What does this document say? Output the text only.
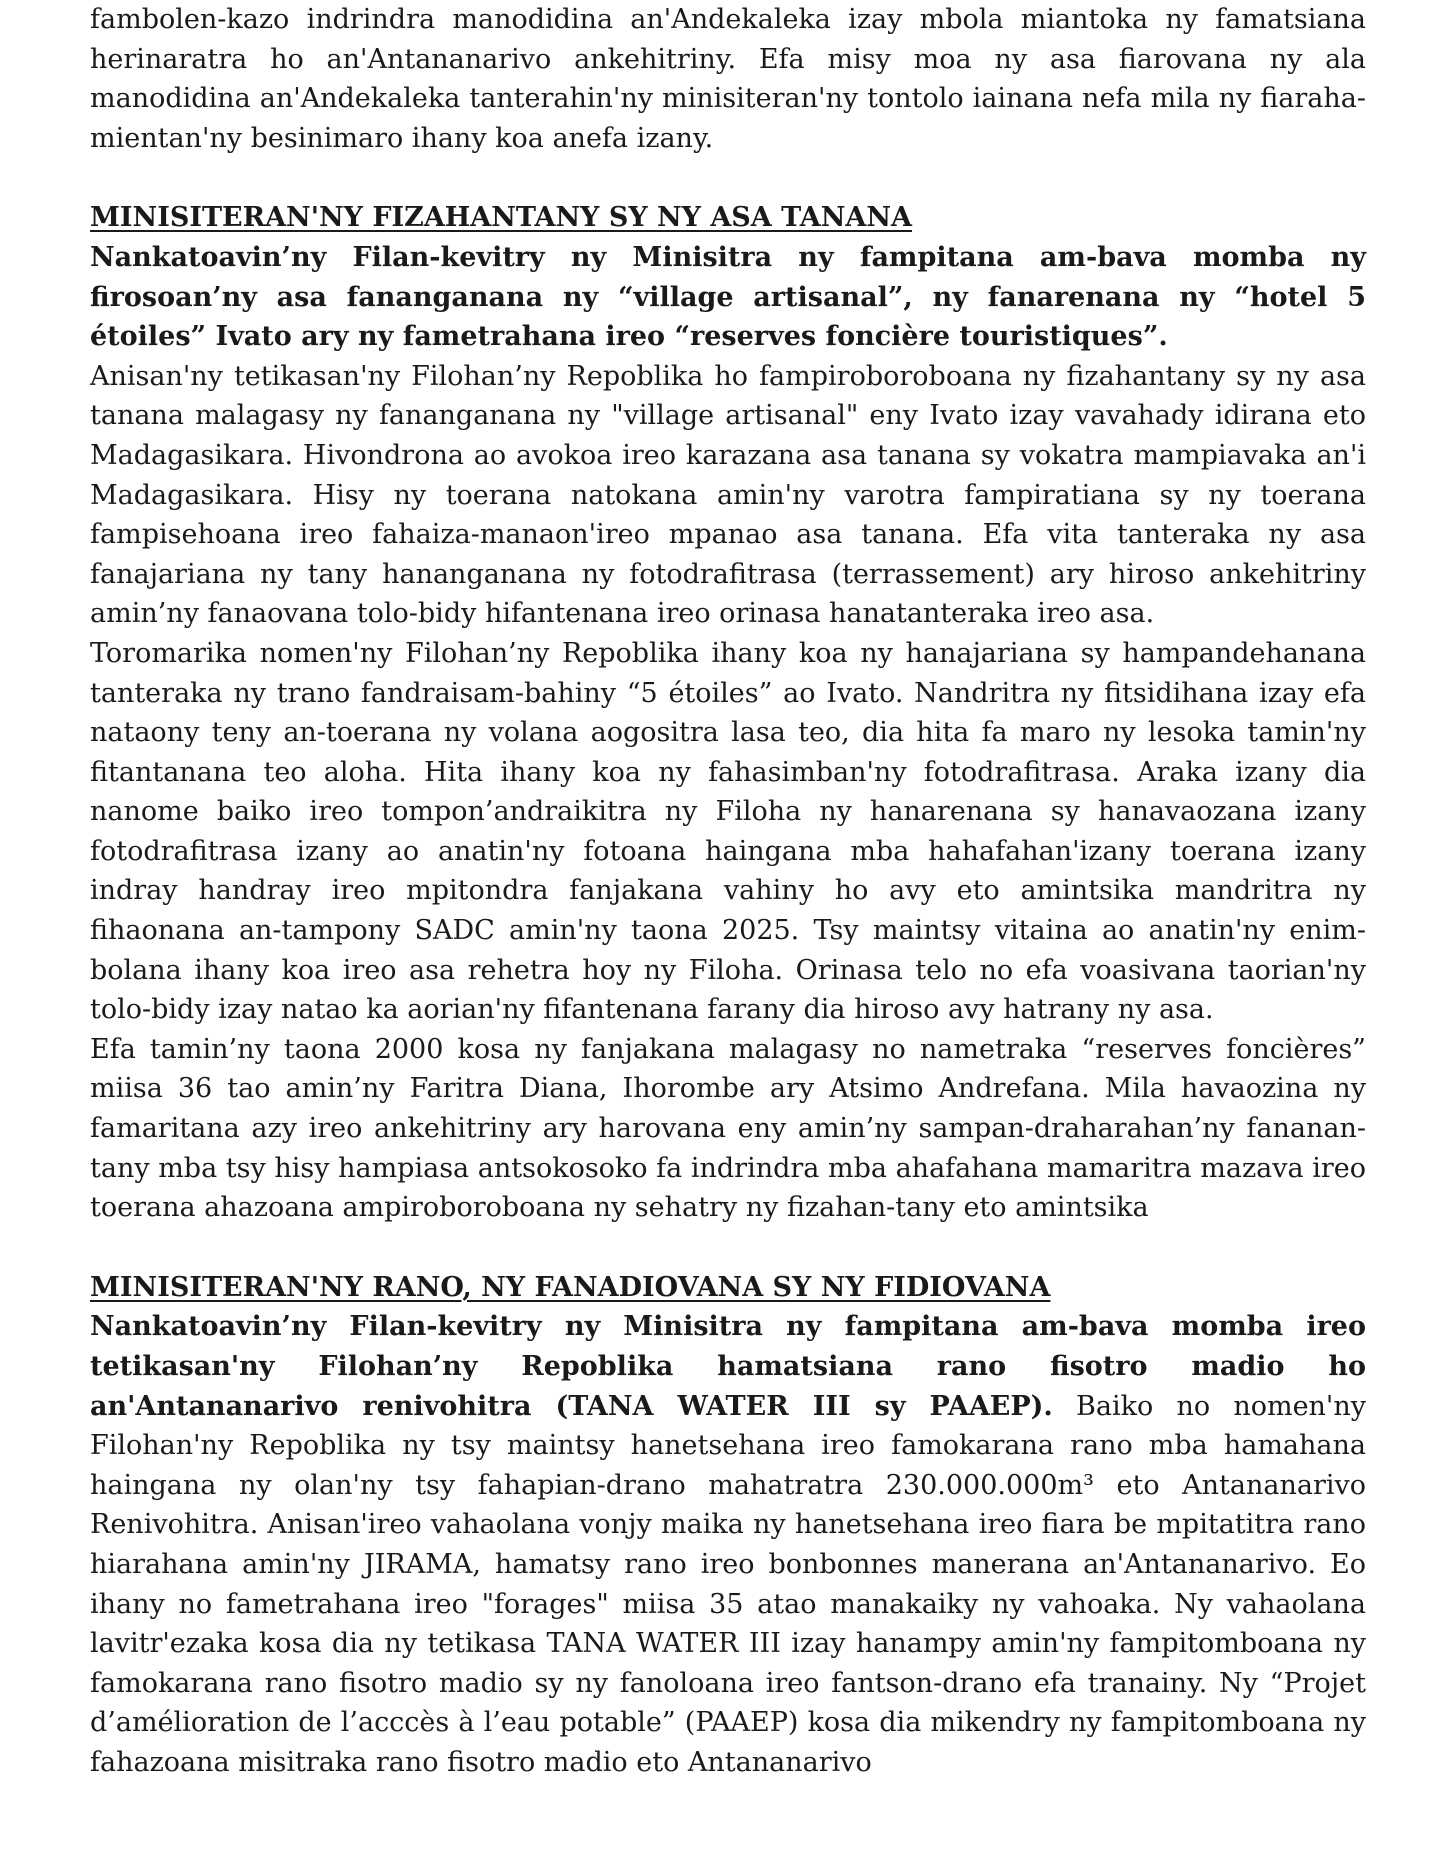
fambolen-kazo indrindra manodidina an'Andekaleka izay mbola miantoka ny famatsiana herinaratra ho an'Antananarivo ankehitriny. Efa misy moa ny asa fiarovana ny ala manodidina an'Andekaleka tanterahin'ny minisiteran'ny tontolo iainana nefa mila ny fiaraha-mientan'ny besinimaro ihany koa anefa izany.

MINISITERAN'NY FIZAHANTANY SY NY ASA TANANA

Nankatoavin’ny Filan-kevitry ny Minisitra ny fampitana am-bava momba ny firosoan’ny asa fananganana ny “village artisanal”, ny fanarenana ny “hotel 5 étoiles” Ivato ary ny fametrahana ireo “reserves foncière touristiques”.

Anisan'ny tetikasan'ny Filohan’ny Repoblika ho fampiroboroboana ny fizahantany sy ny asa tanana malagasy ny fananganana ny "village artisanal" eny Ivato izay vavahady idirana eto Madagasikara. Hivondrona ao avokoa ireo karazana asa tanana sy vokatra mampiavaka an'i Madagasikara. Hisy ny toerana natokana amin'ny varotra fampiratiana sy ny toerana fampisehoana ireo fahaiza-manaon'ireo mpanao asa tanana. Efa vita tanteraka ny asa fanajariana ny tany hananganana ny fotodrafitrasa (terrassement) ary hiroso ankehitriny amin’ny fanaovana tolo-bidy hifantenana ireo orinasa hanatanteraka ireo asa.

Toromarika nomen'ny Filohan’ny Repoblika ihany koa ny hanajariana sy hampandehanana tanteraka ny trano fandraisam-bahiny “5 étoiles” ao Ivato. Nandritra ny fitsidihana izay efa nataony teny an-toerana ny volana aogositra lasa teo, dia hita fa maro ny lesoka tamin'ny fitantanana teo aloha. Hita ihany koa ny fahasimban'ny fotodrafitrasa. Araka izany dia nanome baiko ireo tompon’andraikitra ny Filoha ny hanarenana sy hanavaozana izany fotodrafitrasa izany ao anatin'ny fotoana haingana mba hahafahan'izany toerana izany indray handray ireo mpitondra fanjakana vahiny ho avy eto amintsika mandritra ny fihaonana an-tampony SADC amin'ny taona 2025. Tsy maintsy vitaina ao anatin'ny enim-bolana ihany koa ireo asa rehetra hoy ny Filoha. Orinasa telo no efa voasivana taorian'ny tolo-bidy izay natao ka aorian'ny fifantenana farany dia hiroso avy hatrany ny asa.

Efa tamin’ny taona 2000 kosa ny fanjakana malagasy no nametraka “reserves foncières” miisa 36 tao amin’ny Faritra Diana, Ihorombe ary Atsimo Andrefana. Mila havaozina ny famaritana azy ireo ankehitriny ary harovana eny amin’ny sampan-draharahan’ny fananan-tany mba tsy hisy hampiasa antsokosoko fa indrindra mba ahafahana mamaritra mazava ireo toerana ahazoana ampiroboroboana ny sehatry ny fizahan-tany eto amintsika

MINISITERAN'NY RANO, NY FANADIOVANA SY NY FIDIOVANA

Nankatoavin’ny Filan-kevitry ny Minisitra ny fampitana am-bava momba ireo tetikasan'ny Filohan’ny Repoblika hamatsiana rano fisotro madio ho an'Antananarivo renivohitra (TANA WATER III sy PAAEP). Baiko no nomen'ny Filohan'ny Repoblika ny tsy maintsy hanetsehana ireo famokarana rano mba hamahana haingana ny olan'ny tsy fahapian-drano mahatratra 230.000.000m³ eto Antananarivo Renivohitra. Anisan'ireo vahaolana vonjy maika ny hanetsehana ireo fiara be mpitatitra rano hiarahana amin'ny JIRAMA, hamatsy rano ireo bonbonnes manerana an'Antananarivo. Eo ihany no fametrahana ireo "forages" miisa 35 atao manakaiky ny vahoaka. Ny vahaolana lavitr'ezaka kosa dia ny tetikasa TANA WATER III izay hanampy amin'ny fampitomboana ny famokarana rano fisotro madio sy ny fanoloana ireo fantson-drano efa tranainy. Ny “Projet d’amélioration de l’acccès à l’eau potable” (PAAEP) kosa dia mikendry ny fampitomboana ny fahazoana misitraka rano fisotro madio eto Antananarivo
